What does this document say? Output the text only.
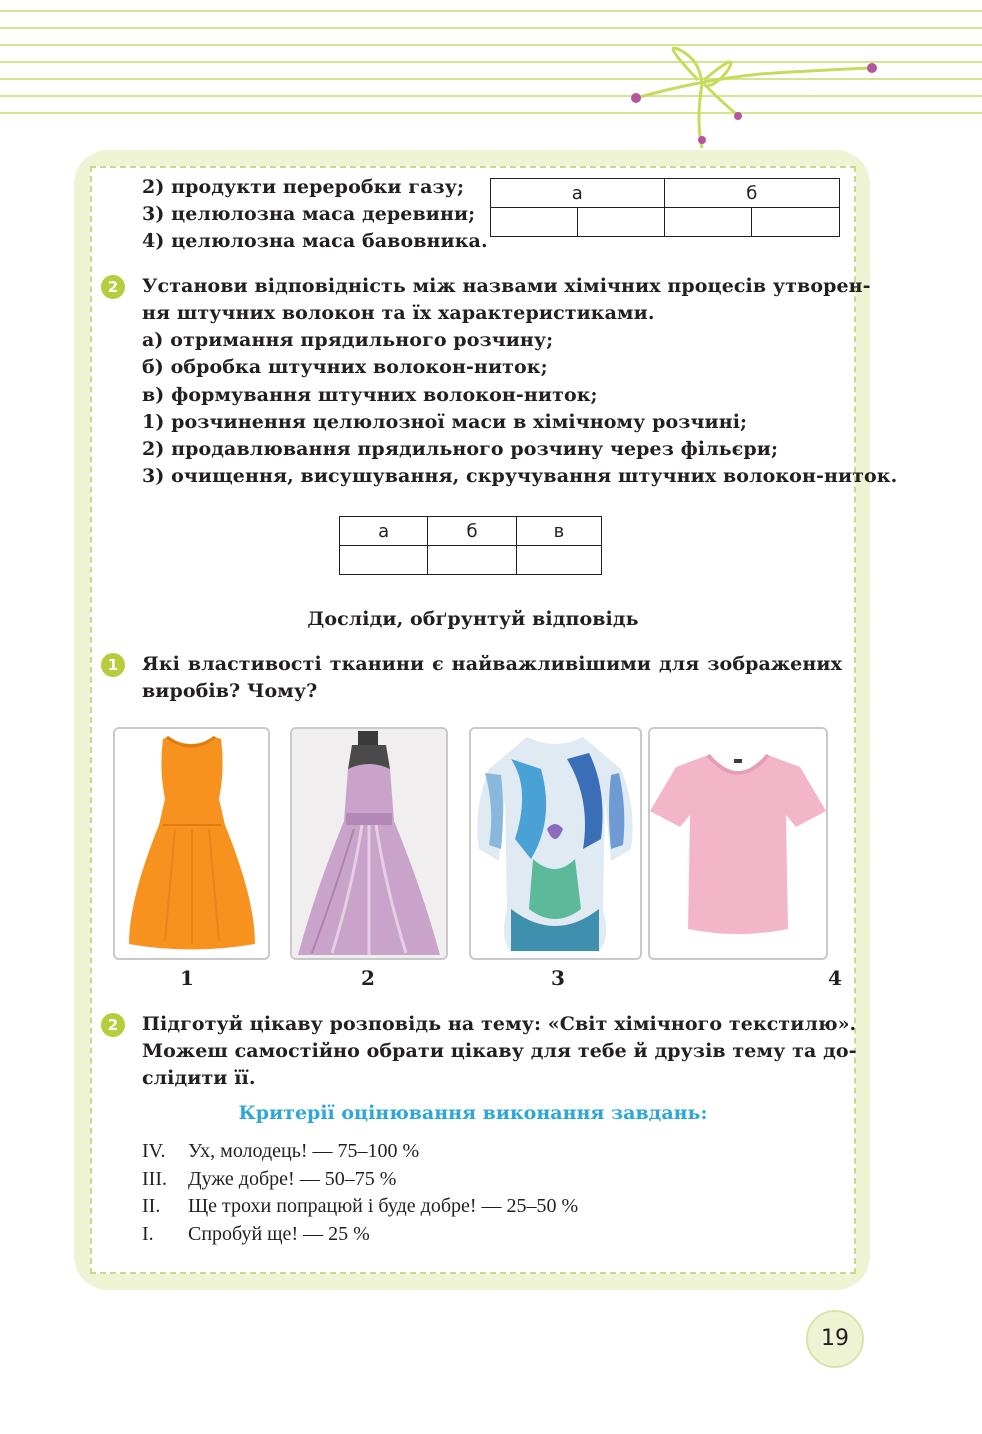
2) продукти переробки газу;
3) целюлозна маса деревини;
4) целюлозна маса бавовника.
а		б	

2	Установи відповідність між назвами хімічних процесів утворен-
ня штучних волокон та їх характеристиками.
а) отримання прядильного розчину;
б) обробка штучних волокон-ниток;
в) формування штучних волокон-ниток;
1) розчинення целюлозної маси в хімічному розчині;
2) продавлювання прядильного розчину через фільєри;
3) очищення, висушування, скручування штучних волокон-ниток.
а	б	в

Досліди, обґрунтуй відповідь
1	Які властивості тканини є найважливішими для зображених
виробів? Чому?
1	2	3	4
2	Підготуй цікаву розповідь на тему: «Світ хімічного текстилю».
Можеш самостійно обрати цікаву для тебе й друзів тему та до-
слідити її.
Критерії оцінювання виконання завдань:
IV. Ух, молодець! — 75–100 %
III. Дуже добре! — 50–75 %
II. Ще трохи попрацюй і буде добре! — 25–50 %
I. Спробуй ще! — 25 %
19
